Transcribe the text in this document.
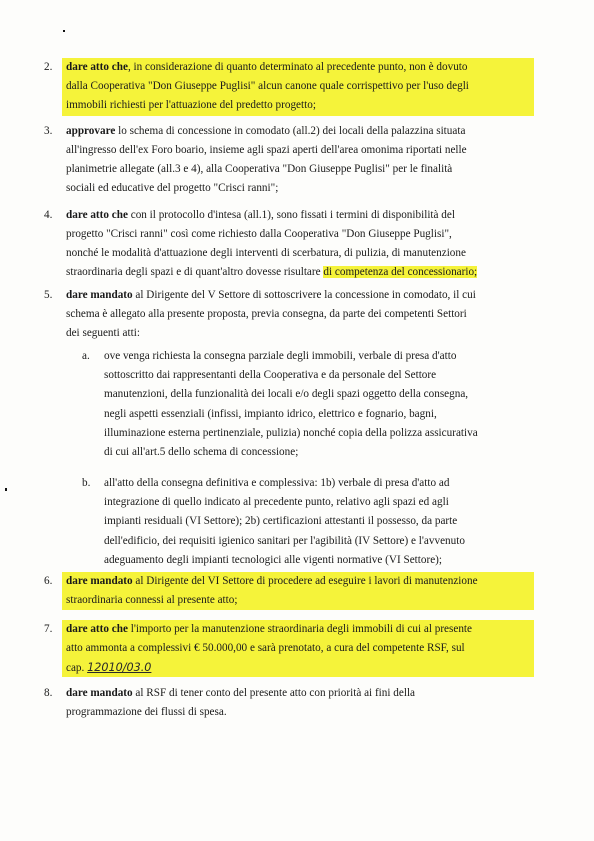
2. dare atto che, in considerazione di quanto determinato al precedente punto, non è dovuto
dalla Cooperativa "Don Giuseppe Puglisi" alcun canone quale corrispettivo per l'uso degli
immobili richiesti per l'attuazione del predetto progetto;
3. approvare lo schema di concessione in comodato (all.2) dei locali della palazzina situata
all'ingresso dell'ex Foro boario, insieme agli spazi aperti dell'area omonima riportati nelle
planimetrie allegate (all.3 e 4), alla Cooperativa "Don Giuseppe Puglisi" per le finalità
sociali ed educative del progetto "Crisci ranni";
4. dare atto che con il protocollo d'intesa (all.1), sono fissati i termini di disponibilità del
progetto "Crisci ranni" così come richiesto dalla Cooperativa "Don Giuseppe Puglisi",
nonché le modalità d'attuazione degli interventi di scerbatura, di pulizia, di manutenzione
straordinaria degli spazi e di quant'altro dovesse risultare di competenza del concessionario;
5. dare mandato al Dirigente del V Settore di sottoscrivere la concessione in comodato, il cui
schema è allegato alla presente proposta, previa consegna, da parte dei competenti Settori
dei seguenti atti:
a. ove venga richiesta la consegna parziale degli immobili, verbale di presa d'atto
sottoscritto dai rappresentanti della Cooperativa e da personale del Settore
manutenzioni, della funzionalità dei locali e/o degli spazi oggetto della consegna,
negli aspetti essenziali (infissi, impianto idrico, elettrico e fognario, bagni,
illuminazione esterna pertinenziale, pulizia) nonché copia della polizza assicurativa
di cui all'art.5 dello schema di concessione;
b. all'atto della consegna definitiva e complessiva: 1b) verbale di presa d'atto ad
integrazione di quello indicato al precedente punto, relativo agli spazi ed agli
impianti residuali (VI Settore); 2b) certificazioni attestanti il possesso, da parte
dell'edificio, dei requisiti igienico sanitari per l'agibilità (IV Settore) e l'avvenuto
adeguamento degli impianti tecnologici alle vigenti normative (VI Settore);
6. dare mandato al Dirigente del VI Settore di procedere ad eseguire i lavori di manutenzione
straordinaria connessi al presente atto;
7. dare atto che l'importo per la manutenzione straordinaria degli immobili di cui al presente
atto ammonta a complessivi € 50.000,00 e sarà prenotato, a cura del competente RSF, sul
cap. 12010/03.0
8. dare mandato al RSF di tener conto del presente atto con priorità ai fini della
programmazione dei flussi di spesa.
